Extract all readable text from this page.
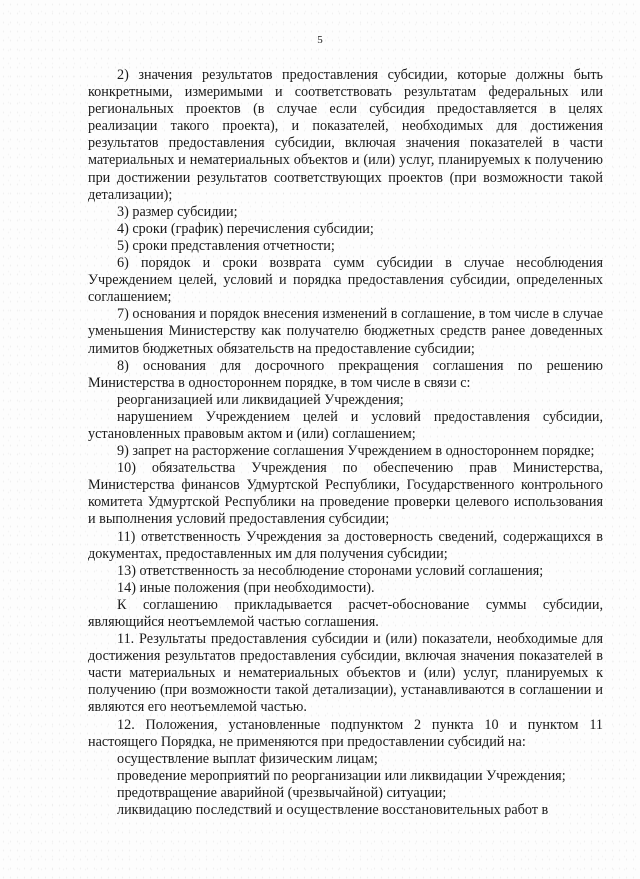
5

2) значения результатов предоставления субсидии, которые должны быть конкретными, измеримыми и соответствовать результатам федеральных или региональных проектов (в случае если субсидия предоставляется в целях реализации такого проекта), и показателей, необходимых для достижения результатов предоставления субсидии, включая значения показателей в части материальных и нематериальных объектов и (или) услуг, планируемых к получению при достижении результатов соответствующих проектов (при возможности такой детализации);

3) размер субсидии;

4) сроки (график) перечисления субсидии;

5) сроки представления отчетности;

6) порядок и сроки возврата сумм субсидии в случае несоблюдения Учреждением целей, условий и порядка предоставления субсидии, определенных соглашением;

7) основания и порядок внесения изменений в соглашение, в том числе в случае уменьшения Министерству как получателю бюджетных средств ранее доведенных лимитов бюджетных обязательств на предоставление субсидии;

8) основания для досрочного прекращения соглашения по решению Министерства в одностороннем порядке, в том числе в связи с:

реорганизацией или ликвидацией Учреждения;

нарушением Учреждением целей и условий предоставления субсидии, установленных правовым актом и (или) соглашением;

9) запрет на расторжение соглашения Учреждением в одностороннем порядке;

10) обязательства Учреждения по обеспечению прав Министерства, Министерства финансов Удмуртской Республики, Государственного контрольного комитета Удмуртской Республики на проведение проверки целевого использования и выполнения условий предоставления субсидии;

11) ответственность Учреждения за достоверность сведений, содержащихся в документах, предоставленных им для получения субсидии;

13) ответственность за несоблюдение сторонами условий соглашения;

14) иные положения (при необходимости).

К соглашению прикладывается расчет-обоснование суммы субсидии, являющийся неотъемлемой частью соглашения.

11. Результаты предоставления субсидии и (или) показатели, необходимые для достижения результатов предоставления субсидии, включая значения показателей в части материальных и нематериальных объектов и (или) услуг, планируемых к получению (при возможности такой детализации), устанавливаются в соглашении и являются его неотъемлемой частью.

12. Положения, установленные подпунктом 2 пункта 10 и пунктом 11 настоящего Порядка, не применяются при предоставлении субсидий на:

осуществление выплат физическим лицам;

проведение мероприятий по реорганизации или ликвидации Учреждения;

предотвращение аварийной (чрезвычайной) ситуации;

ликвидацию последствий и осуществление восстановительных работ в
